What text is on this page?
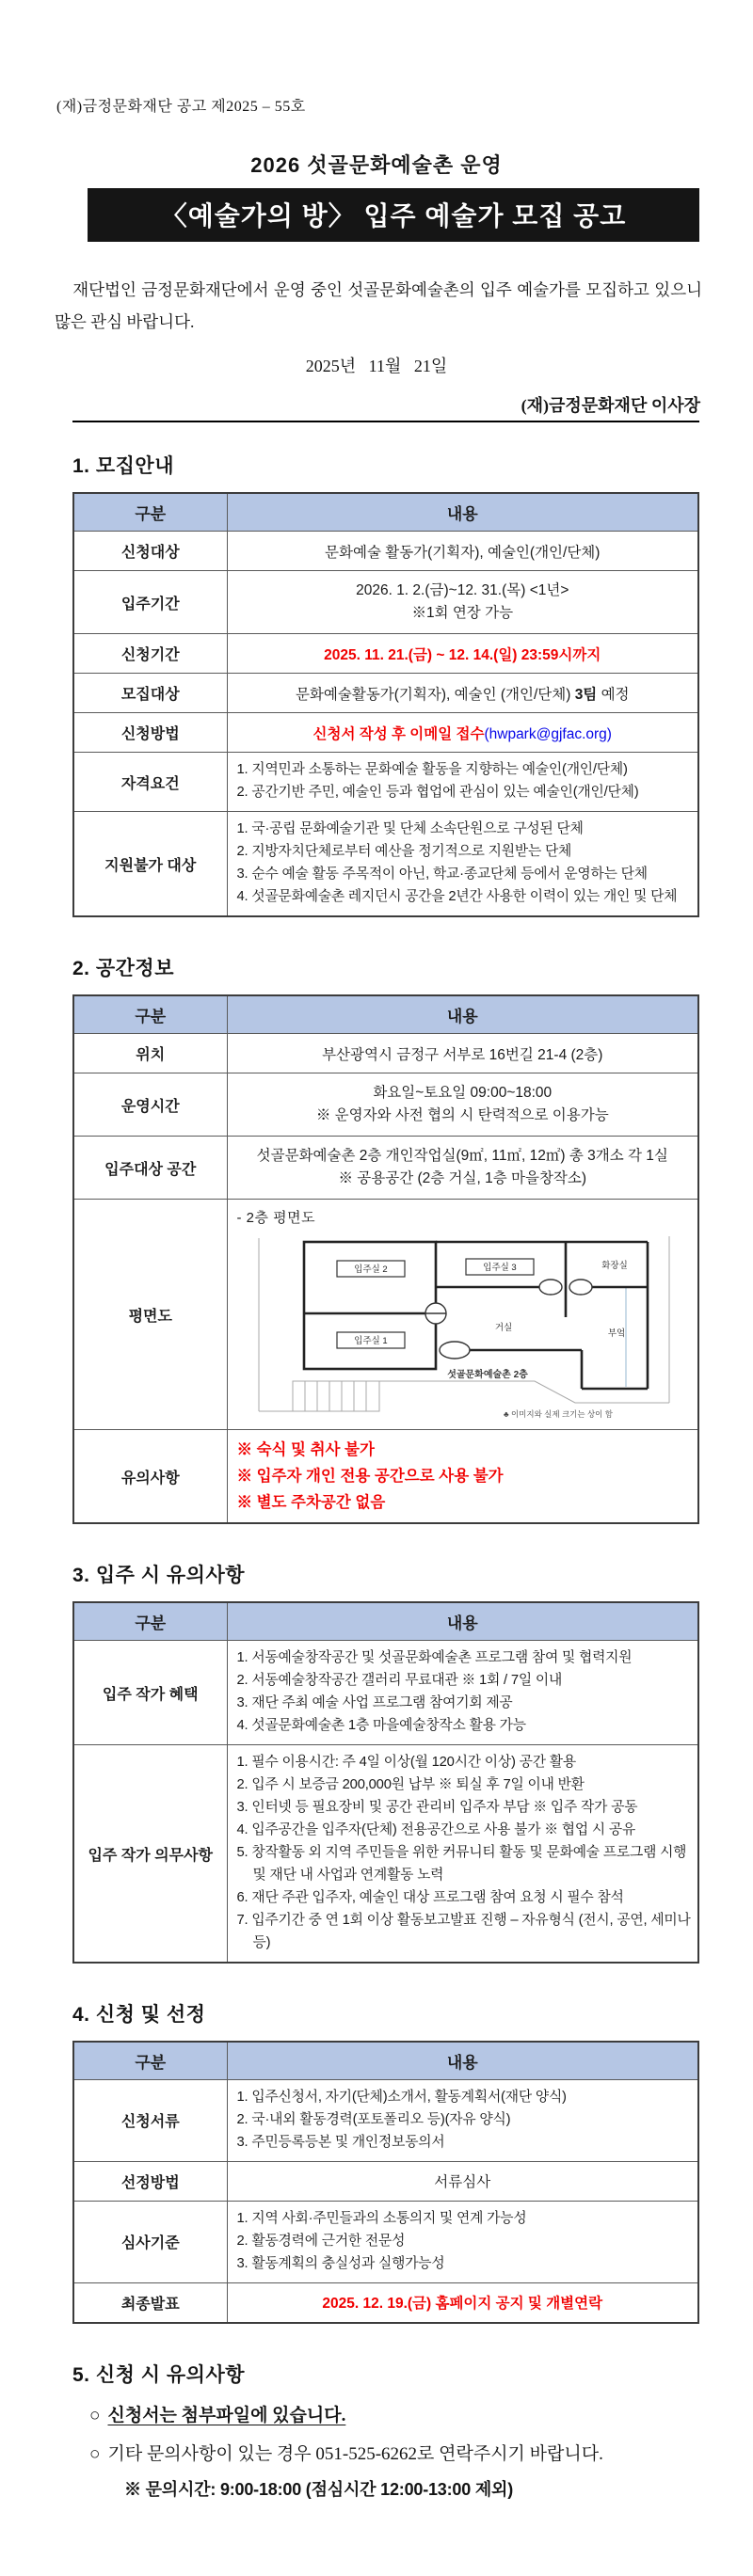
(재)금정문화재단 공고 제2025 – 55호
2026 섯골문화예술촌 운영
〈예술가의 방〉 입주 예술가 모집 공고
재단법인 금정문화재단에서 운영 중인 섯골문화예술촌의 입주 예술가를 모집하고 있으니 많은 관심 바랍니다.
2025년   11월   21일
(재)금정문화재단 이사장
1. 모집안내
구분	내용
신청대상	문화예술 활동가(기획자), 예술인(개인/단체)
입주기간	2026. 1. 2.(금)~12. 31.(목) <1년>
※1회 연장 가능

신청기간	2025. 11. 21.(금) ~ 12. 14.(일) 23:59시까지
모집대상	문화예술활동가(기획자), 예술인 (개인/단체) 3팀 예정
신청방법	신청서 작성 후 이메일 접수(hwpark@gjfac.org)
자격요건	1. 지역민과 소통하는 문화예술 활동을 지향하는 예술인(개인/단체)
2. 공간기반 주민, 예술인 등과 협업에 관심이 있는 예술인(개인/단체)

지원불가 대상	1. 국·공립 문화예술기관 및 단체 소속단원으로 구성된 단체
2. 지방자치단체로부터 예산을 정기적으로 지원받는 단체
3. 순수 예술 활동 주목적이 아닌, 학교·종교단체 등에서 운영하는 단체
4. 섯골문화예술촌 레지던시 공간을 2년간 사용한 이력이 있는 개인 및 단체
2. 공간정보
구분	내용
위치	부산광역시 금정구 서부로 16번길 21-4 (2층)
운영시간	화요일~토요일 09:00~18:00
※ 운영자와 사전 협의 시 탄력적으로 이용가능

입주대상 공간	섯골문화예술촌 2층 개인작업실(9㎡, 11㎡, 12㎡) 총 3개소 각 1실
※ 공용공간 (2층 거실, 1층 마을창작소)

평면도	
- 2층 평면도
입주실 2
입주실 1
입주실 3	화장실
거실
부엌
섯골문화예술촌 2층
♣ 이미지와 실제 크기는 상이 함

유의사항	※ 숙식 및 취사 불가
※ 입주자 개인 전용 공간으로 사용 불가
※ 별도 주차공간 없음
3. 입주 시 유의사항
구분	내용
입주 작가 혜택	1. 서동예술창작공간 및 섯골문화예술촌 프로그램 참여 및 협력지원
2. 서동예술창작공간 갤러리 무료대관 ※ 1회 / 7일 이내
3. 재단 주최 예술 사업 프로그램 참여기회 제공
4. 섯골문화예술촌 1층 마을예술창작소 활용 가능

입주 작가 의무사항	
1. 필수 이용시간: 주 4일 이상(월 120시간 이상) 공간 활용
2. 입주 시 보증금 200,000원 납부 ※ 퇴실 후 7일 이내 반환
3. 인터넷 등 필요장비 및 공간 관리비 입주자 부담 ※ 입주 작가 공동
4. 입주공간을 입주자(단체) 전용공간으로 사용 불가 ※ 협업 시 공유
5. 창작활동 외 지역 주민들을 위한 커뮤니티 활동 및 문화예술 프로그램 시행 및 재단 내 사업과 연계활동 노력
6. 재단 주관 입주자, 예술인 대상 프로그램 참여 요청 시 필수 참석
7. 입주기간 중 연 1회 이상 활동보고발표 진행 – 자유형식 (전시, 공연, 세미나 등)
4. 신청 및 선정
구분	내용
신청서류	1. 입주신청서, 자기(단체)소개서, 활동계획서(재단 양식)
2. 국·내외 활동경력(포토폴리오 등)(자유 양식)
3. 주민등록등본 및 개인정보동의서

선정방법	서류심사
심사기준	1. 지역 사회·주민들과의 소통의지 및 연계 가능성
2. 활동경력에 근거한 전문성
3. 활동계획의 충실성과 실행가능성

최종발표	2025. 12. 19.(금) 홈페이지 공지 및 개별연락
5. 신청 시 유의사항
○ 신청서는 첨부파일에 있습니다.
○ 기타 문의사항이 있는 경우 051-525-6262로 연락주시기 바랍니다.
※ 문의시간: 9:00-18:00 (점심시간 12:00-13:00 제외)
